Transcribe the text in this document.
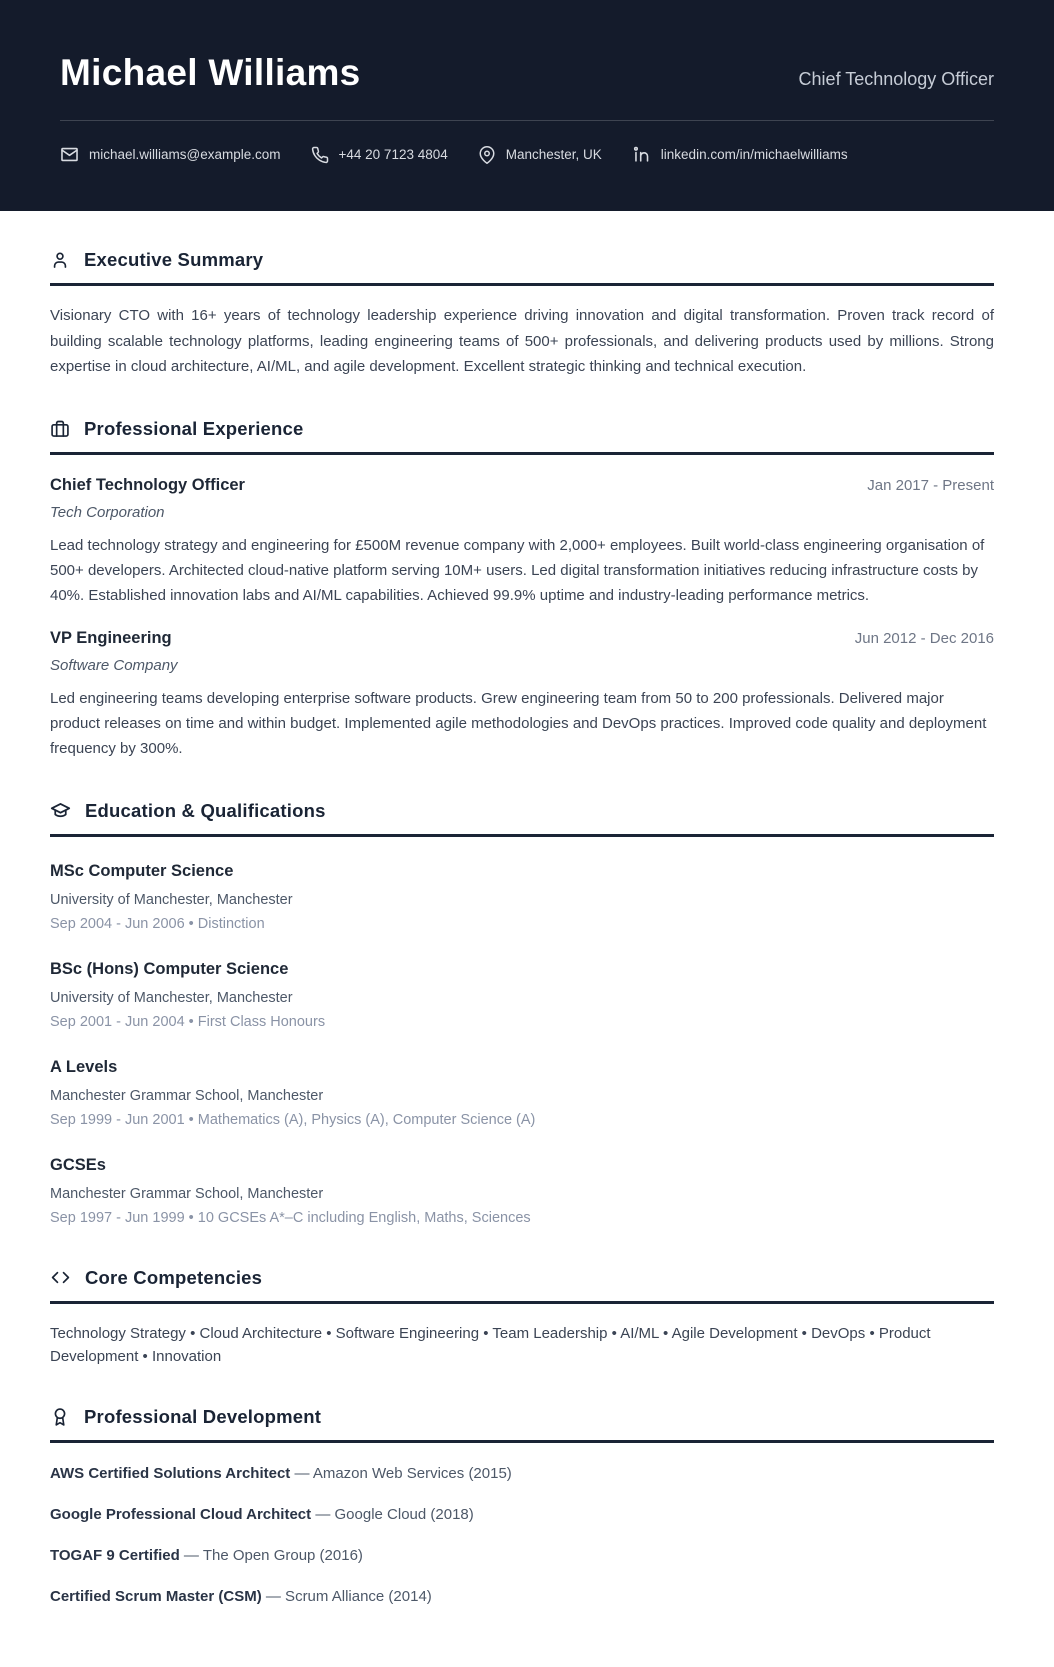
Michael Williams	Chief Technology Officer
michael.williams@example.com	+44 20 7123 4804	Manchester, UK	linkedin.com/in/michaelwilliams
Executive Summary

Visionary CTO with 16+ years of technology leadership experience driving innovation and digital transformation. Proven track record of building scalable technology platforms, leading engineering teams of 500+ professionals, and delivering products used by millions. Strong expertise in cloud architecture, AI/ML, and agile development. Excellent strategic thinking and technical execution.

Professional Experience
Chief Technology Officer	Jan 2017 - Present
Tech Corporation

Lead technology strategy and engineering for £500M revenue company with 2,000+ employees. Built world-class engineering organisation of 500+ developers. Architected cloud-native platform serving 10M+ users. Led digital transformation initiatives reducing infrastructure costs by 40%. Established innovation labs and AI/ML capabilities. Achieved 99.9% uptime and industry-leading performance metrics.

VP Engineering	Jun 2012 - Dec 2016
Software Company

Led engineering teams developing enterprise software products. Grew engineering team from 50 to 200 professionals. Delivered major product releases on time and within budget. Implemented agile methodologies and DevOps practices. Improved code quality and deployment frequency by 300%.

Education & Qualifications
MSc Computer Science
University of Manchester, Manchester
Sep 2004 - Jun 2006 • Distinction
BSc (Hons) Computer Science
University of Manchester, Manchester
Sep 2001 - Jun 2004 • First Class Honours
A Levels
Manchester Grammar School, Manchester
Sep 1999 - Jun 2001 • Mathematics (A), Physics (A), Computer Science (A)
GCSEs
Manchester Grammar School, Manchester
Sep 1997 - Jun 1999 • 10 GCSEs A*–C including English, Maths, Sciences
Core Competencies

Technology Strategy • Cloud Architecture • Software Engineering • Team Leadership • AI/ML • Agile Development • DevOps • Product Development • Innovation

Professional Development
AWS Certified Solutions Architect — Amazon Web Services (2015)
Google Professional Cloud Architect — Google Cloud (2018)
TOGAF 9 Certified — The Open Group (2016)
Certified Scrum Master (CSM) — Scrum Alliance (2014)
